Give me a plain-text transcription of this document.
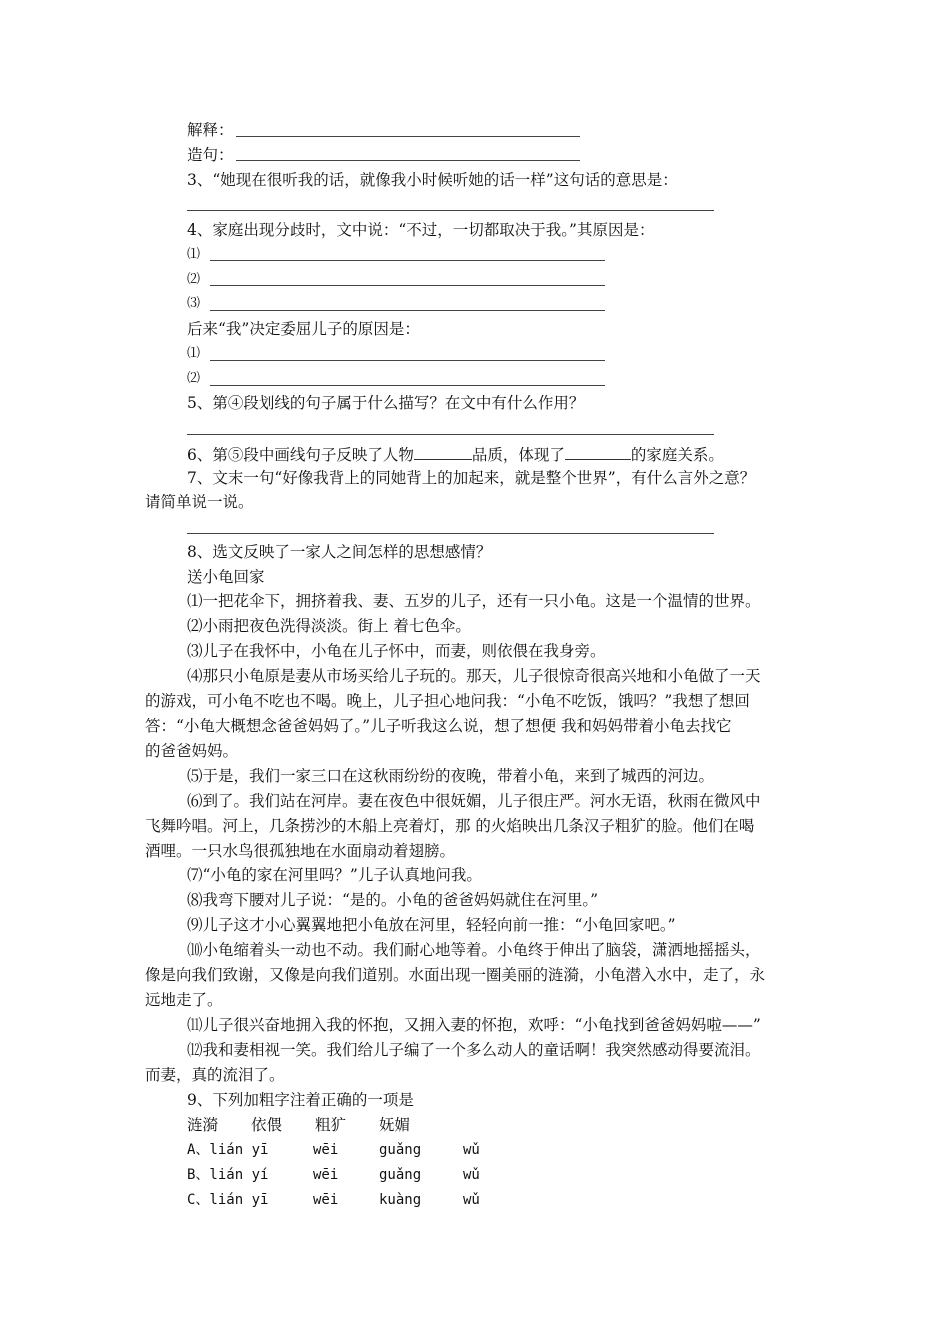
解释：
造句：
3、“她现在很听我的话，就像我小时候听她的话一样”这句话的意思是：
4、家庭出现分歧时，文中说：“不过，一切都取决于我。”其原因是：
⑴
⑵
⑶
后来“我”决定委屈儿子的原因是：
⑴
⑵
5、第④段划线的句子属于什么描写？在文中有什么作用？
6、第⑤段中画线句子反映了人物	品质，体现了	的家庭关系。
7、文末一句“好像我背上的同她背上的加起来，就是整个世界”，有什么言外之意？
请简单说一说。
8、选文反映了一家人之间怎样的思想感情？
送小龟回家
⑴一把花伞下，拥挤着我、妻、五岁的儿子，还有一只小龟。这是一个温情的世界。
⑵小雨把夜色洗得淡淡。街上 着七色伞。
⑶儿子在我怀中，小龟在儿子怀中，而妻，则依偎在我身旁。
⑷那只小龟原是妻从市场买给儿子玩的。那天，儿子很惊奇很高兴地和小龟做了一天
的游戏，可小龟不吃也不喝。晚上，儿子担心地问我：“小龟不吃饭，饿吗？”我想了想回
答：“小龟大概想念爸爸妈妈了。”儿子听我这么说，想了想便 我和妈妈带着小龟去找它
的爸爸妈妈。
⑸于是，我们一家三口在这秋雨纷纷的夜晚，带着小龟，来到了城西的河边。
⑹到了。我们站在河岸。妻在夜色中很妩媚，儿子很庄严。河水无语，秋雨在微风中
飞舞吟唱。河上，几条捞沙的木船上亮着灯，那 的火焰映出几条汉子粗犷的脸。他们在喝
酒哩。一只水鸟很孤独地在水面扇动着翅膀。
⑺“小龟的家在河里吗？”儿子认真地问我。
⑻我弯下腰对儿子说：“是的。小龟的爸爸妈妈就住在河里。”
⑼儿子这才小心翼翼地把小龟放在河里，轻轻向前一推：“小龟回家吧。”
⑽小龟缩着头一动也不动。我们耐心地等着。小龟终于伸出了脑袋，潇洒地摇摇头，
像是向我们致谢，又像是向我们道别。水面出现一圈美丽的涟漪，小龟潜入水中，走了，永
远地走了。
⑾儿子很兴奋地拥入我的怀抱，又拥入妻的怀抱，欢呼：“小龟找到爸爸妈妈啦——”
⑿我和妻相视一笑。我们给儿子编了一个多么动人的童话啊！我突然感动得要流泪。
而妻，真的流泪了。
9、下列加粗字注着正确的一项是
涟漪 依偎 粗犷 妩媚
A、lián yī	wēi	guǎng	wǔ
B、lián yí	wēi	guǎng	wǔ
C、lián yī	wēi	kuàng	wǔ
